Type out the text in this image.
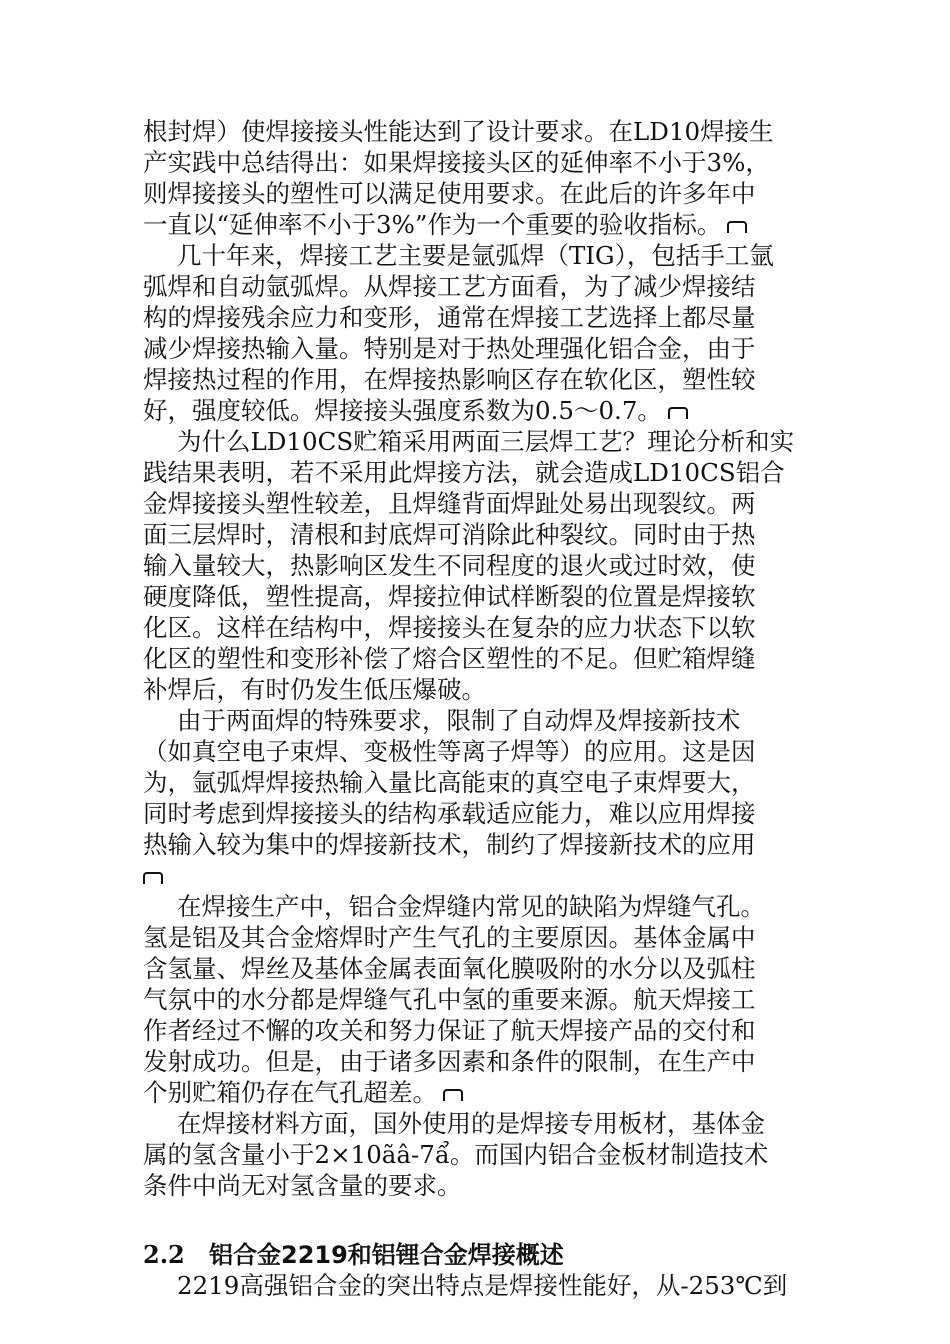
根封焊）使焊接接头性能达到了设计要求。在LD10焊接生
产实践中总结得出：如果焊接接头区的延伸率不小于3%，
则焊接接头的塑性可以满足使用要求。在此后的许多年中
一直以“延伸率不小于3%”作为一个重要的验收指标。
几十年来，焊接工艺主要是氩弧焊（TIG），包括手工氩
弧焊和自动氩弧焊。从焊接工艺方面看，为了减少焊接结
构的焊接残余应力和变形，通常在焊接工艺选择上都尽量
减少焊接热输入量。特别是对于热处理强化铝合金，由于
焊接热过程的作用，在焊接热影响区存在软化区，塑性较
好，强度较低。焊接接头强度系数为0.5～0.7。
为什么LD10CS贮箱采用两面三层焊工艺？理论分析和实
践结果表明，若不采用此焊接方法，就会造成LD10CS铝合
金焊接接头塑性较差，且焊缝背面焊趾处易出现裂纹。两
面三层焊时，清根和封底焊可消除此种裂纹。同时由于热
输入量较大，热影响区发生不同程度的退火或过时效，使
硬度降低，塑性提高，焊接拉伸试样断裂的位置是焊接软
化区。这样在结构中，焊接接头在复杂的应力状态下以软
化区的塑性和变形补偿了熔合区塑性的不足。但贮箱焊缝
补焊后，有时仍发生低压爆破。
由于两面焊的特殊要求，限制了自动焊及焊接新技术
（如真空电子束焊、变极性等离子焊等）的应用。这是因
为，氩弧焊焊接热输入量比高能束的真空电子束焊要大，
同时考虑到焊接接头的结构承载适应能力，难以应用焊接
热输入较为集中的焊接新技术，制约了焊接新技术的应用
在焊接生产中，铝合金焊缝内常见的缺陷为焊缝气孔。
氢是铝及其合金熔焊时产生气孔的主要原因。基体金属中
含氢量、焊丝及基体金属表面氧化膜吸附的水分以及弧柱
气氛中的水分都是焊缝气孔中氢的重要来源。航天焊接工
作者经过不懈的攻关和努力保证了航天焊接产品的交付和
发射成功。但是，由于诸多因素和条件的限制，在生产中
个别贮箱仍存在气孔超差。
在焊接材料方面，国外使用的是焊接专用板材，基体金
属的氢含量小于2×10ãâ-7ẩ。而国内铝合金板材制造技术
条件中尚无对氢含量的要求。
2.2 铝合金2219和铝锂合金焊接概述
2219高强铝合金的突出特点是焊接性能好，从-253℃到
